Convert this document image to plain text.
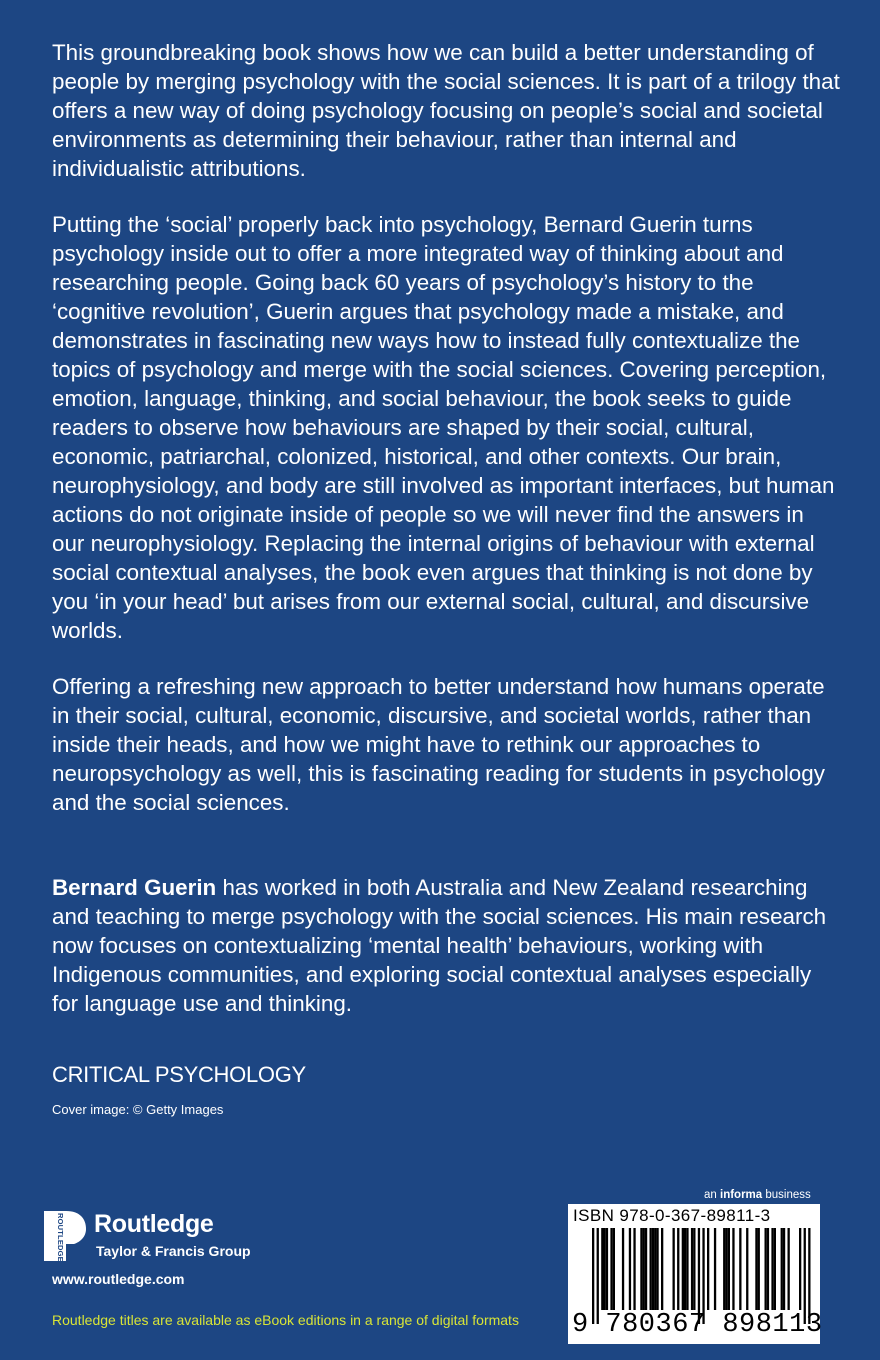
This groundbreaking book shows how we can build a better understanding of people by merging psychology with the social sciences. It is part of a trilogy that offers a new way of doing psychology focusing on people’s social and societal environments as determining their behaviour, rather than internal and individualistic attributions.

Putting the ‘social’ properly back into psychology, Bernard Guerin turns psychology inside out to offer a more integrated way of thinking about and researching people. Going back 60 years of psychology’s history to the ‘cognitive revolution’, Guerin argues that psychology made a mistake, and demonstrates in fascinating new ways how to instead fully contextualize the topics of psychology and merge with the social sciences. Covering perception, emotion, language, thinking, and social behaviour, the book seeks to guide readers to observe how behaviours are shaped by their social, cultural, economic, patriarchal, colonized, historical, and other contexts. Our brain, neurophysiology, and body are still involved as important interfaces, but human actions do not originate inside of people so we will never find the answers in our neurophysiology. Replacing the internal origins of behaviour with external social contextual analyses, the book even argues that thinking is not done by you ‘in your head’ but arises from our external social, cultural, and discursive worlds.

Offering a refreshing new approach to better understand how humans operate in their social, cultural, economic, discursive, and societal worlds, rather than inside their heads, and how we might have to rethink our approaches to neuropsychology as well, this is fascinating reading for students in psychology and the social sciences.

Bernard Guerin has worked in both Australia and New Zealand researching and teaching to merge psychology with the social sciences. His main research now focuses on contextualizing ‘mental health’ behaviours, working with Indigenous communities, and exploring social contextual analyses especially for language use and thinking.

CRITICAL PSYCHOLOGY
Cover image: © Getty Images
ROUTLEDGE Routledge
Taylor & Francis Group
www.routledge.com
Routledge titles are available as eBook editions in a range of digital formats
an informa business
ISBN 978-0-367-89811-3
9 780367 898113
